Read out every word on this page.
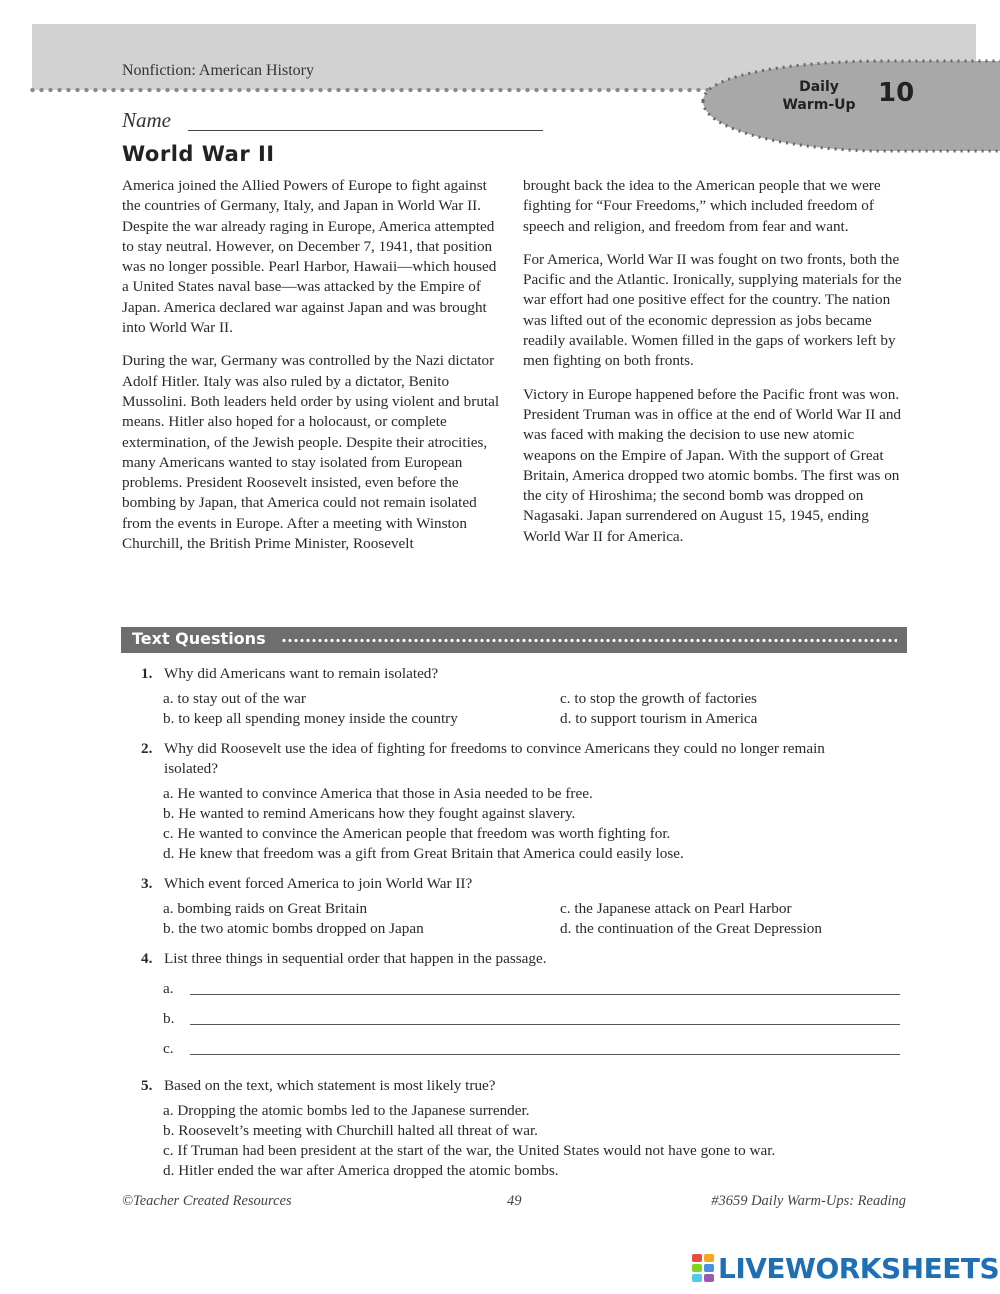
Nonfiction: American History
Daily
Warm-Up 10
Name
World War II

America joined the Allied Powers of Europe to fight against the countries of Germany, Italy, and Japan in World War II. Despite the war already raging in Europe, America attempted to stay neutral. However, on December 7, 1941, that position was no longer possible. Pearl Harbor, Hawaii—which housed a United States naval base—was attacked by the Empire of Japan. America declared war against Japan and was brought into World War II.

During the war, Germany was controlled by the Nazi dictator Adolf Hitler. Italy was also ruled by a dictator, Benito Mussolini. Both leaders held order by using violent and brutal means. Hitler also hoped for a holocaust, or complete extermination, of the Jewish people. Despite their atrocities, many Americans wanted to stay isolated from European problems. President Roosevelt insisted, even before the bombing by Japan, that America could not remain isolated from the events in Europe. After a meeting with Winston Churchill, the British Prime Minister, Roosevelt

brought back the idea to the American people that we were fighting for “Four Freedoms,” which included freedom of speech and religion, and freedom from fear and want.

For America, World War II was fought on two fronts, both the Pacific and the Atlantic. Ironically, supplying materials for the war effort had one positive effect for the country. The nation was lifted out of the economic depression as jobs became readily available. Women filled in the gaps of workers left by men fighting on both fronts.

Victory in Europe happened before the Pacific front was won. President Truman was in office at the end of World War II and was faced with making the decision to use new atomic weapons on the Empire of Japan. With the support of Great Britain, America dropped two atomic bombs. The first was on the city of Hiroshima; the second bomb was dropped on Nagasaki. Japan surrendered on August 15, 1945, ending World War II for America.

Text Questions
1. Why did Americans want to remain isolated?
a. to stay out of the war
b. to keep all spending money inside the country
c. to stop the growth of factories
d. to support tourism in America
2. Why did Roosevelt use the idea of fighting for freedoms to convince Americans they could no longer remain isolated?
a. He wanted to convince America that those in Asia needed to be free.
b. He wanted to remind Americans how they fought against slavery.
c. He wanted to convince the American people that freedom was worth fighting for.
d. He knew that freedom was a gift from Great Britain that America could easily lose.
3. Which event forced America to join World War II?
a. bombing raids on Great Britain
b. the two atomic bombs dropped on Japan
c. the Japanese attack on Pearl Harbor
d. the continuation of the Great Depression
4. List three things in sequential order that happen in the passage.
a.
b.
c.
5. Based on the text, which statement is most likely true?
a. Dropping the atomic bombs led to the Japanese surrender.
b. Roosevelt’s meeting with Churchill halted all threat of war.
c. If Truman had been president at the start of the war, the United States would not have gone to war.
d. Hitler ended the war after America dropped the atomic bombs.
©Teacher Created Resources	49	#3659 Daily Warm-Ups: Reading
LIVEWORKSHEETS
